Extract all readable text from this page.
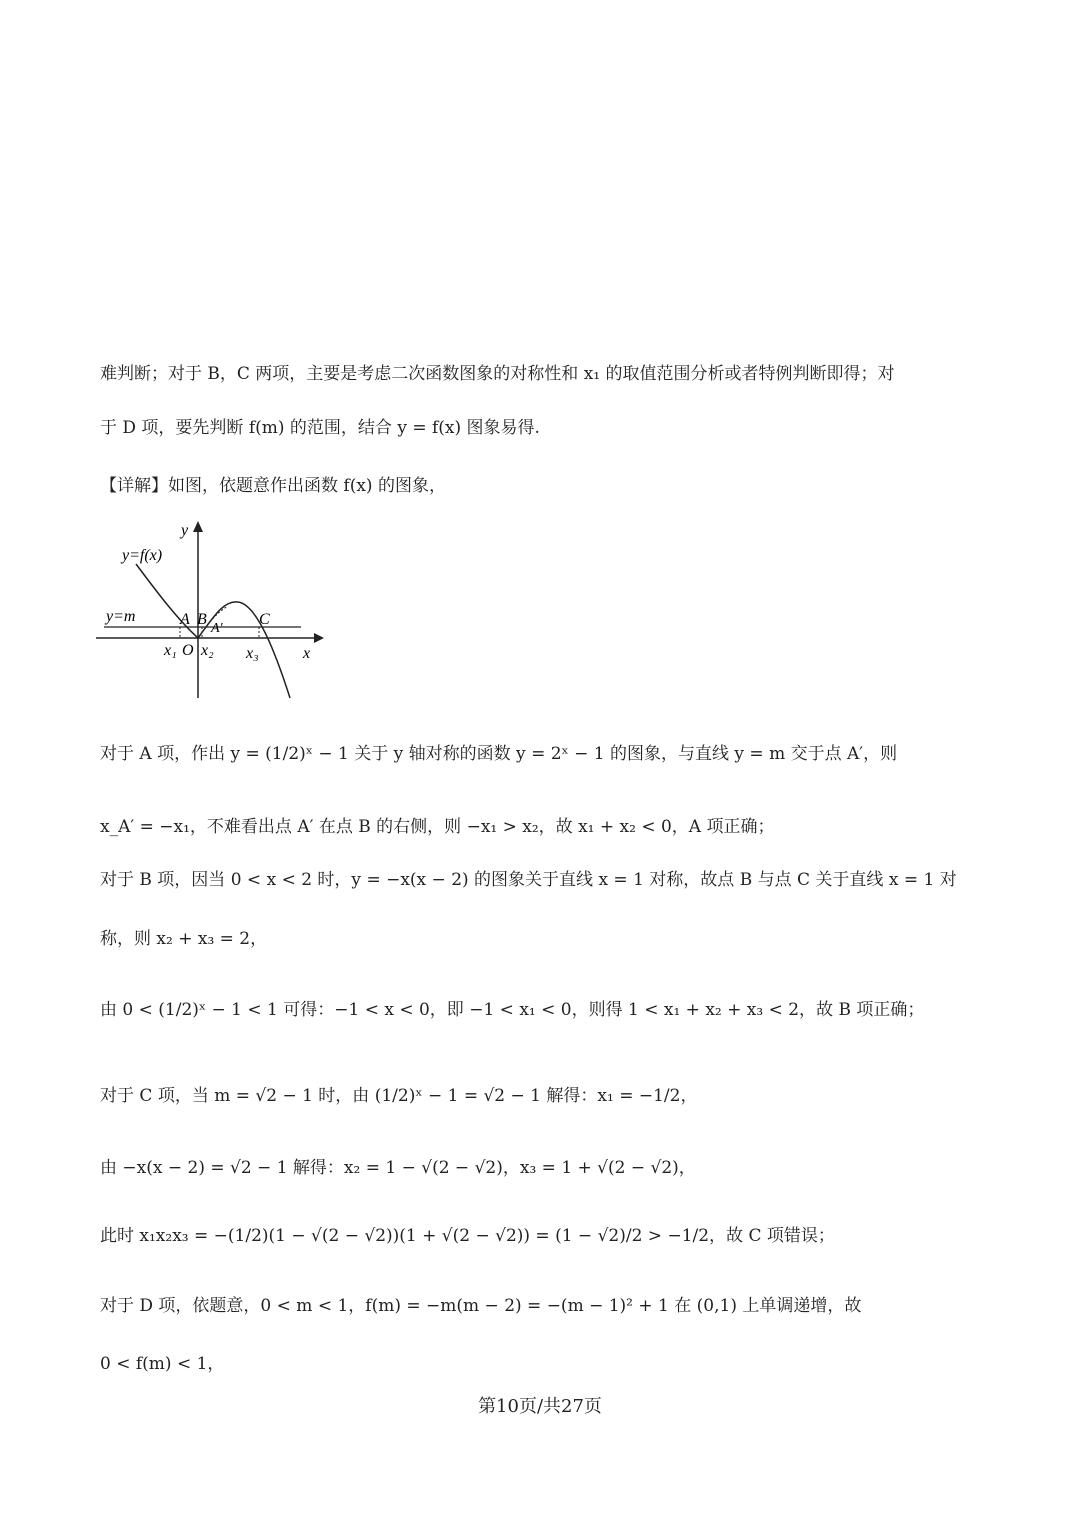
难判断；对于 B，C 两项，主要是考虑二次函数图象的对称性和 x₁ 的取值范围分析或者特例判断即得；对
于 D 项，要先判断 f(m) 的范围，结合 y = f(x) 图象易得.
【详解】如图，依题意作出函数 f(x) 的图象，
y
y=f(x)
y=m	A B
A′
C
x₁ O x₂ x₃	x
对于 A 项，作出 y = (1/2)ˣ − 1 关于 y 轴对称的函数 y = 2ˣ − 1 的图象，与直线 y = m 交于点 A′，则
x_A′ = −x₁，不难看出点 A′ 在点 B 的右侧，则 −x₁ > x₂，故 x₁ + x₂ < 0，A 项正确；
对于 B 项，因当 0 < x < 2 时，y = −x(x − 2) 的图象关于直线 x = 1 对称，故点 B 与点 C 关于直线 x = 1 对
称，则 x₂ + x₃ = 2，
由 0 < (1/2)ˣ − 1 < 1 可得：−1 < x < 0，即 −1 < x₁ < 0，则得 1 < x₁ + x₂ + x₃ < 2，故 B 项正确；
对于 C 项，当 m = √2 − 1 时，由 (1/2)ˣ − 1 = √2 − 1 解得：x₁ = −1/2，
由 −x(x − 2) = √2 − 1 解得：x₂ = 1 − √(2 − √2)，x₃ = 1 + √(2 − √2)，
此时 x₁x₂x₃ = −(1/2)(1 − √(2 − √2))(1 + √(2 − √2)) = (1 − √2)/2 > −1/2，故 C 项错误；
对于 D 项，依题意，0 < m < 1，f(m) = −m(m − 2) = −(m − 1)² + 1 在 (0,1) 上单调递增，故
0 < f(m) < 1，
第10页/共27页
